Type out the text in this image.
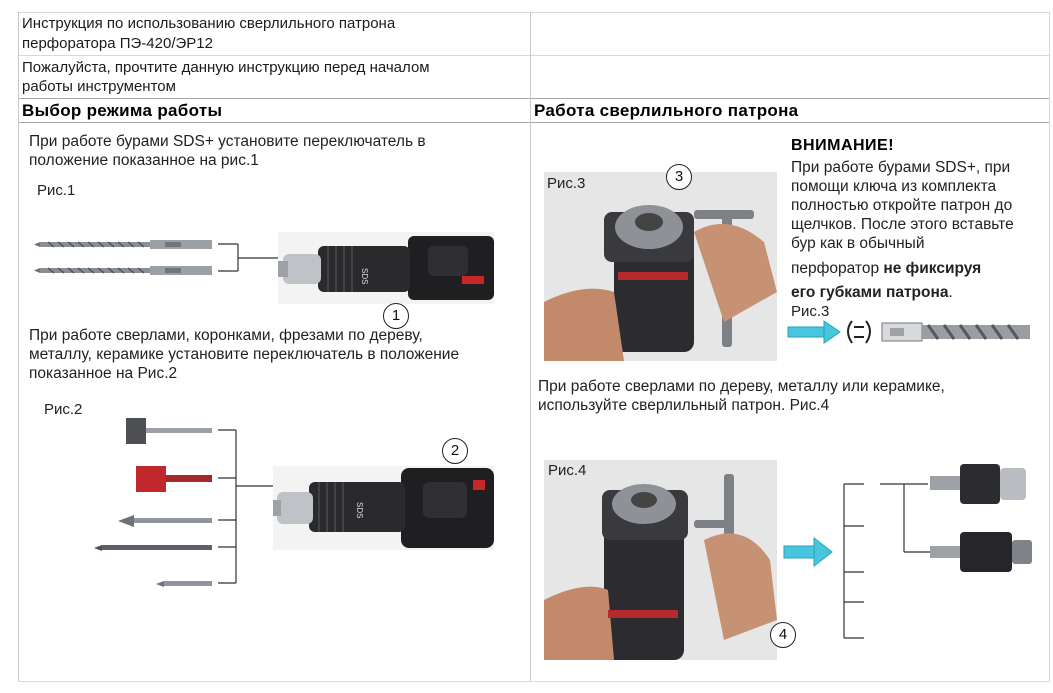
Инструкция по использованию сверлильного патрона
перфоратора ПЭ-420/ЭР12
Пожалуйста, прочтите данную инструкцию перед началом
работы инструментом
Выбор режима работы	Работа сверлильного патрона
При работе бурами SDS+ установите переключатель в
положение показанное на рис.1
Рис.1
SDS
1
При работе сверлами, коронками, фрезами по дереву,
металлу, керамике установите переключатель в положение
показанное на Рис.2
Рис.2
SDS
2
Рис.3	3
ВНИМАНИЕ!
При работе бурами SDS+, при
помощи ключа из комплекта
полностью откройте патрон до
щелчков. После этого вставьте
бур как в обычный
перфоратор не фиксируя
его губками патрона.
Рис.3
При работе сверлами по дереву, металлу или керамике,
используйте сверлильный патрон. Рис.4
Рис.4
4
